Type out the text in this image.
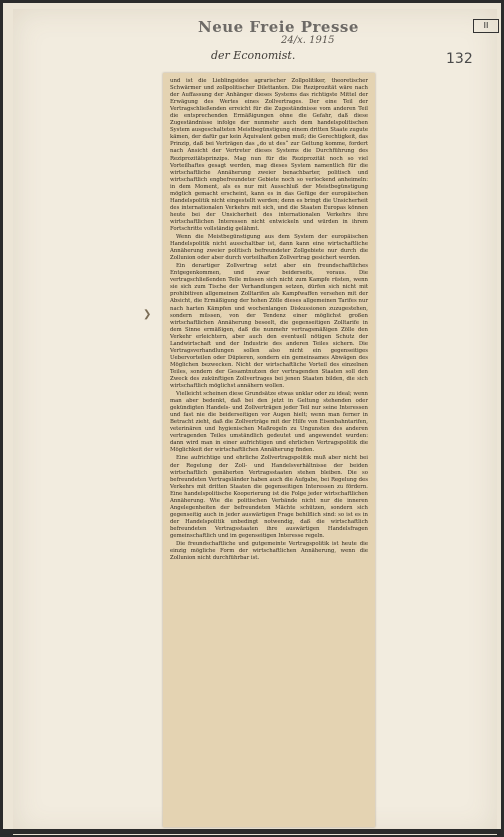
Neue Freie Presse
24/x. 1915
der Economist.
II
132
❯

und ist die Lieblingsidee agrarischer Zollpolitiker, theoretischer Schwärmer und zollpolitischer Dilettanten. Die Reziprozität wäre nach der Auffassung der Anhänger dieses Systems das richtigste Mittel der Erwägung des Wertes eines Zollvertrages. Der eine Teil der Vertragschließenden erreicht für die Zugeständnisse vom anderen Teil die entsprechenden Ermäßigungen ohne die Gefahr, daß diese Zugeständnisse infolge der nunmehr auch dem handelspolitischen System ausgeschalteten Meistbegünstigung einem dritten Staate zugute kämen, der dafür gar kein Äquivalent geben muß; die Gerechtigkeit, das Prinzip, daß bei Verträgen das „do ut des“ zur Geltung komme, fordert nach Ansicht der Vertreter dieses Systems die Durchführung des Reziprozitätsprinzips. Mag nun für die Reziprozität noch so viel Vorteilhaftes gesagt werden, mag dieses System namentlich für die wirtschaftliche Annäherung zweier benachbarter, politisch und wirtschaftlich engbefreundeter Gebiete noch so verlockend anheimeln: in dem Moment, als es nur mit Ausschluß der Meistbegünstigung möglich gemacht erscheint, kann es in das Gefüge der europäischen Handelspolitik nicht eingestellt werden; denn es bringt die Unsicherheit des internationalen Verkehrs mit sich, und die Staaten Europas können heute bei der Unsicherheit des internationalen Verkehrs ihre wirtschaftlichen Interessen nicht entwickeln und würden in ihrem Fortschritte vollständig gelähmt.

Wenn die Meistbegünstigung aus dem System der europäischen Handelspolitik nicht ausschaltbar ist, dann kann eine wirtschaftliche Annäherung zweier politisch befreundeter Zollgebiete nur durch die Zollunion oder aber durch vorteilhaften Zollvertrag gesichert werden.

Ein derartiger Zollvertrag setzt aber ein freundschaftliches Entgegenkommen, und zwar beiderseits, voraus. Die vertragschließenden Teile müssen sich nicht zum Kampfe rüsten, wenn sie sich zum Tische der Verhandlungen setzen, dürfen sich nicht mit prohibitiven allgemeinen Zolltarifen als Kampfwaffen versehen mit der Absicht, die Ermäßigung der hohen Zölle dieses allgemeinen Tarifes nur nach harten Kämpfen und wochenlangen Diskussionen zuzugestehen, sondern müssen, von der Tendenz einer möglichst großen wirtschaftlichen Annäherung beseelt, die gegenseitigen Zolltarife in dem Sinne ermäßigen, daß die nunmehr vertragsmäßigen Zölle den Verkehr erleichtern, aber auch den eventuell nötigen Schutz der Landwirtschaft und der Industrie des anderen Teiles sichern. Die Vertragsverhandlungen sollen also nicht ein gegenseitiges Uebervorteilen oder Düpieren, sondern ein gemeinsames Abwägen des Möglichen bezwecken. Nicht der wirtschaftliche Vorteil des einzelnen Teiles, sondern der Gesamtnutzen der vertragenden Staaten soll den Zweck des zukünftigen Zollvertrages bei jenen Staaten bilden, die sich wirtschaftlich möglichst annähern wollen.

Vielleicht scheinen diese Grundsätze etwas unklar oder zu ideal; wenn man aber bedenkt, daß bei den jetzt in Geltung stehenden oder gekündigten Handels- und Zollverträgen jeder Teil nur seine Interessen und fast nie die beiderseitigen vor Augen hielt; wenn man ferner in Betracht zieht, daß die Zollverträge mit der Hilfe von Eisenbahntarifen, veterinären und hygienischen Maßregeln zu Ungunsten des anderen vertragenden Teiles umständlich gedeutet und angewendet wurden: dann wird man in einer aufrichtigen und ehrlichen Vertragspolitik die Möglichkeit der wirtschaftlichen Annäherung finden.

Eine aufrichtige und ehrliche Zollvertragspolitik muß aber nicht bei der Regelung der Zoll- und Handelsverhältnisse der beiden wirtschaftlich genäherten Vertragsstaaten stehen bleiben. Die so befreundeten Vertragsländer haben auch die Aufgabe, bei Regelung des Verkehrs mit dritten Staaten die gegenseitigen Interessen zu fördern. Eine handelspolitische Kooperierung ist die Folge jeder wirtschaftlichen Annäherung. Wie die politischen Verbände nicht nur die inneren Angelegenheiten der befreundeten Mächte schützen, sondern sich gegenseitig auch in jeder auswärtigen Frage behilflich sind: so ist es in der Handelspolitik unbedingt notwendig, daß die wirtschaftlich befreundeten Vertragsstaaten ihre auswärtigen Handelsfragen gemeinschaftlich und im gegenseitigen Interesse regeln.

Die freundschaftliche und gutgemeinte Vertragspolitik ist heute die einzig mögliche Form der wirtschaftlichen Annäherung, wenn die Zollunion nicht durchführbar ist.
